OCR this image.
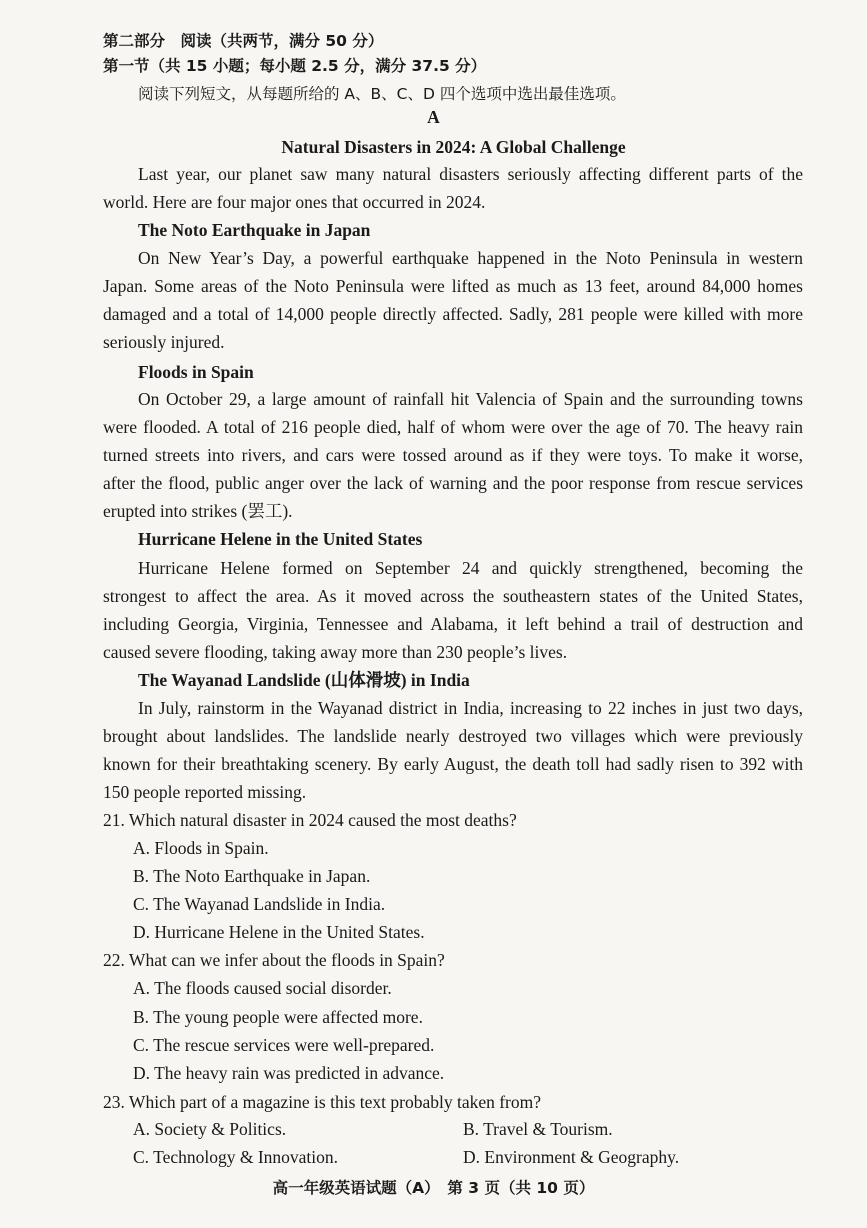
第二部分　阅读（共两节，满分 50 分）
第一节（共 15 小题；每小题 2.5 分，满分 37.5 分）
阅读下列短文，从每题所给的 A、B、C、D 四个选项中选出最佳选项。
A
Natural Disasters in 2024: A Global Challenge
Last year, our planet saw many natural disasters seriously affecting different parts of the
world. Here are four major ones that occurred in 2024.
The Noto Earthquake in Japan
On New Year’s Day, a powerful earthquake happened in the Noto Peninsula in western
Japan. Some areas of the Noto Peninsula were lifted as much as 13 feet, around 84,000 homes
damaged and a total of 14,000 people directly affected. Sadly, 281 people were killed with more
seriously injured.
Floods in Spain
On October 29, a large amount of rainfall hit Valencia of Spain and the surrounding towns
were flooded. A total of 216 people died, half of whom were over the age of 70. The heavy rain
turned streets into rivers, and cars were tossed around as if they were toys. To make it worse,
after the flood, public anger over the lack of warning and the poor response from rescue services
erupted into strikes (罢工).
Hurricane Helene in the United States
Hurricane Helene formed on September 24 and quickly strengthened, becoming the
strongest to affect the area. As it moved across the southeastern states of the United States,
including Georgia, Virginia, Tennessee and Alabama, it left behind a trail of destruction and
caused severe flooding, taking away more than 230 people’s lives.
The Wayanad Landslide (山体滑坡) in India
In July, rainstorm in the Wayanad district in India, increasing to 22 inches in just two days,
brought about landslides. The landslide nearly destroyed two villages which were previously
known for their breathtaking scenery. By early August, the death toll had sadly risen to 392 with
150 people reported missing.
21. Which natural disaster in 2024 caused the most deaths?
A. Floods in Spain.
B. The Noto Earthquake in Japan.
C. The Wayanad Landslide in India.
D. Hurricane Helene in the United States.
22. What can we infer about the floods in Spain?
A. The floods caused social disorder.
B. The young people were affected more.
C. The rescue services were well-prepared.
D. The heavy rain was predicted in advance.
23. Which part of a magazine is this text probably taken from?
A. Society & Politics.	B. Travel & Tourism.
C. Technology & Innovation.	D. Environment & Geography.
高一年级英语试题（A）　第 3 页（共 10 页）
